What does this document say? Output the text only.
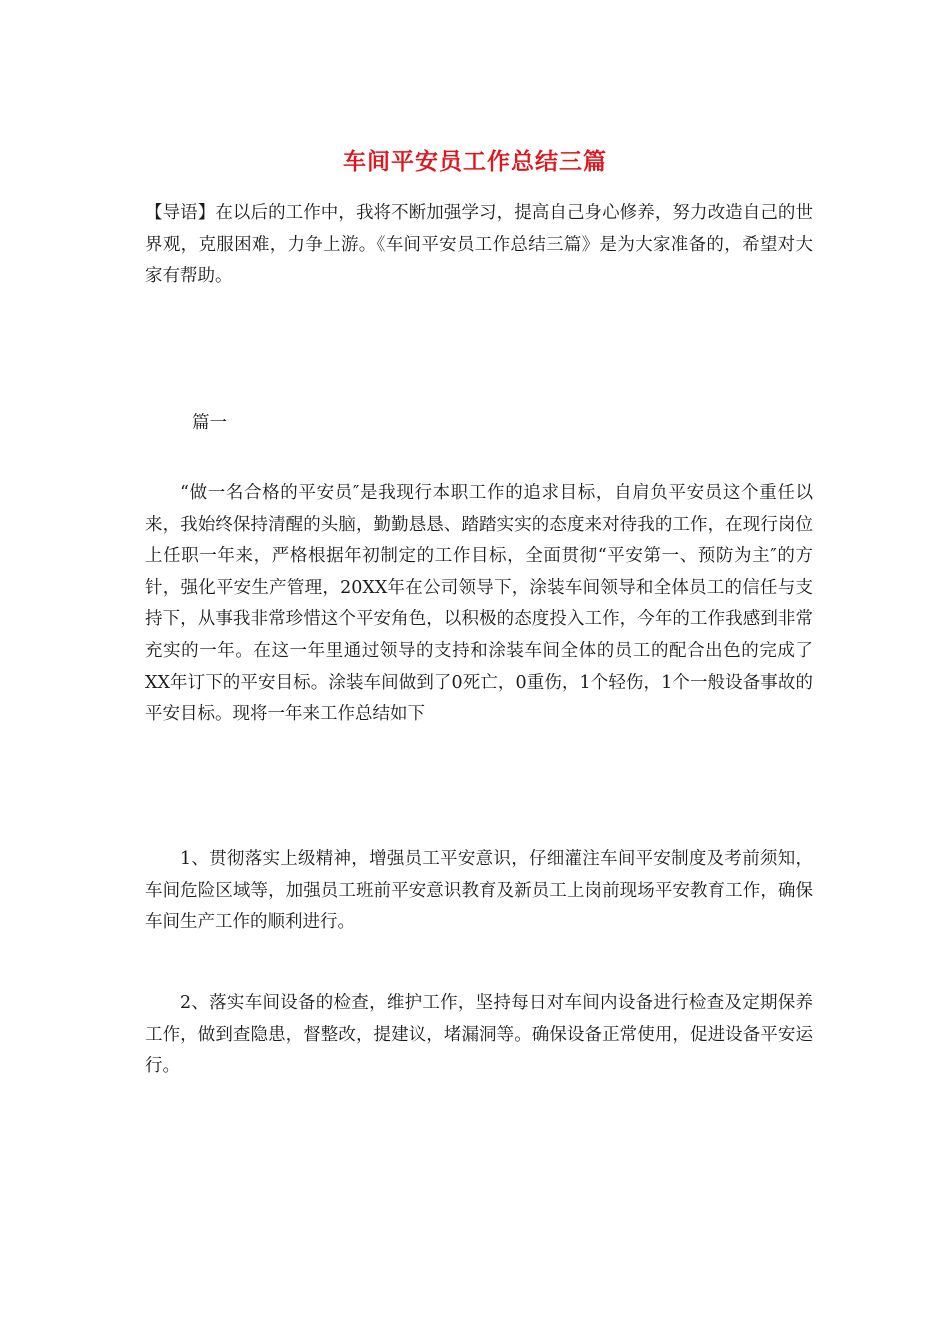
车间平安员工作总结三篇
【导语】在以后的工作中，我将不断加强学习，提高自己身心修养，努力改造自己的世界观，克服困难，力争上游。《车间平安员工作总结三篇》是为大家准备的，希望对大家有帮助。
篇一
“做一名合格的平安员″是我现行本职工作的追求目标，自肩负平安员这个重任以来，我始终保持清醒的头脑，勤勤恳恳、踏踏实实的态度来对待我的工作，在现行岗位上任职一年来，严格根据年初制定的工作目标，全面贯彻“平安第一、预防为主″的方针，强化平安生产管理，20XX年在公司领导下，涂装车间领导和全体员工的信任与支持下，从事我非常珍惜这个平安角色，以积极的态度投入工作，今年的工作我感到非常充实的一年。在这一年里通过领导的支持和涂装车间全体的员工的配合出色的完成了XX年订下的平安目标。涂装车间做到了0死亡，0重伤，1个轻伤，1个一般设备事故的平安目标。现将一年来工作总结如下
1、贯彻落实上级精神，增强员工平安意识，仔细灌注车间平安制度及考前须知，车间危险区域等，加强员工班前平安意识教育及新员工上岗前现场平安教育工作，确保车间生产工作的顺利进行。
2、落实车间设备的检查，维护工作，坚持每日对车间内设备进行检查及定期保养工作，做到查隐患，督整改，提建议，堵漏洞等。确保设备正常使用，促进设备平安运行。
